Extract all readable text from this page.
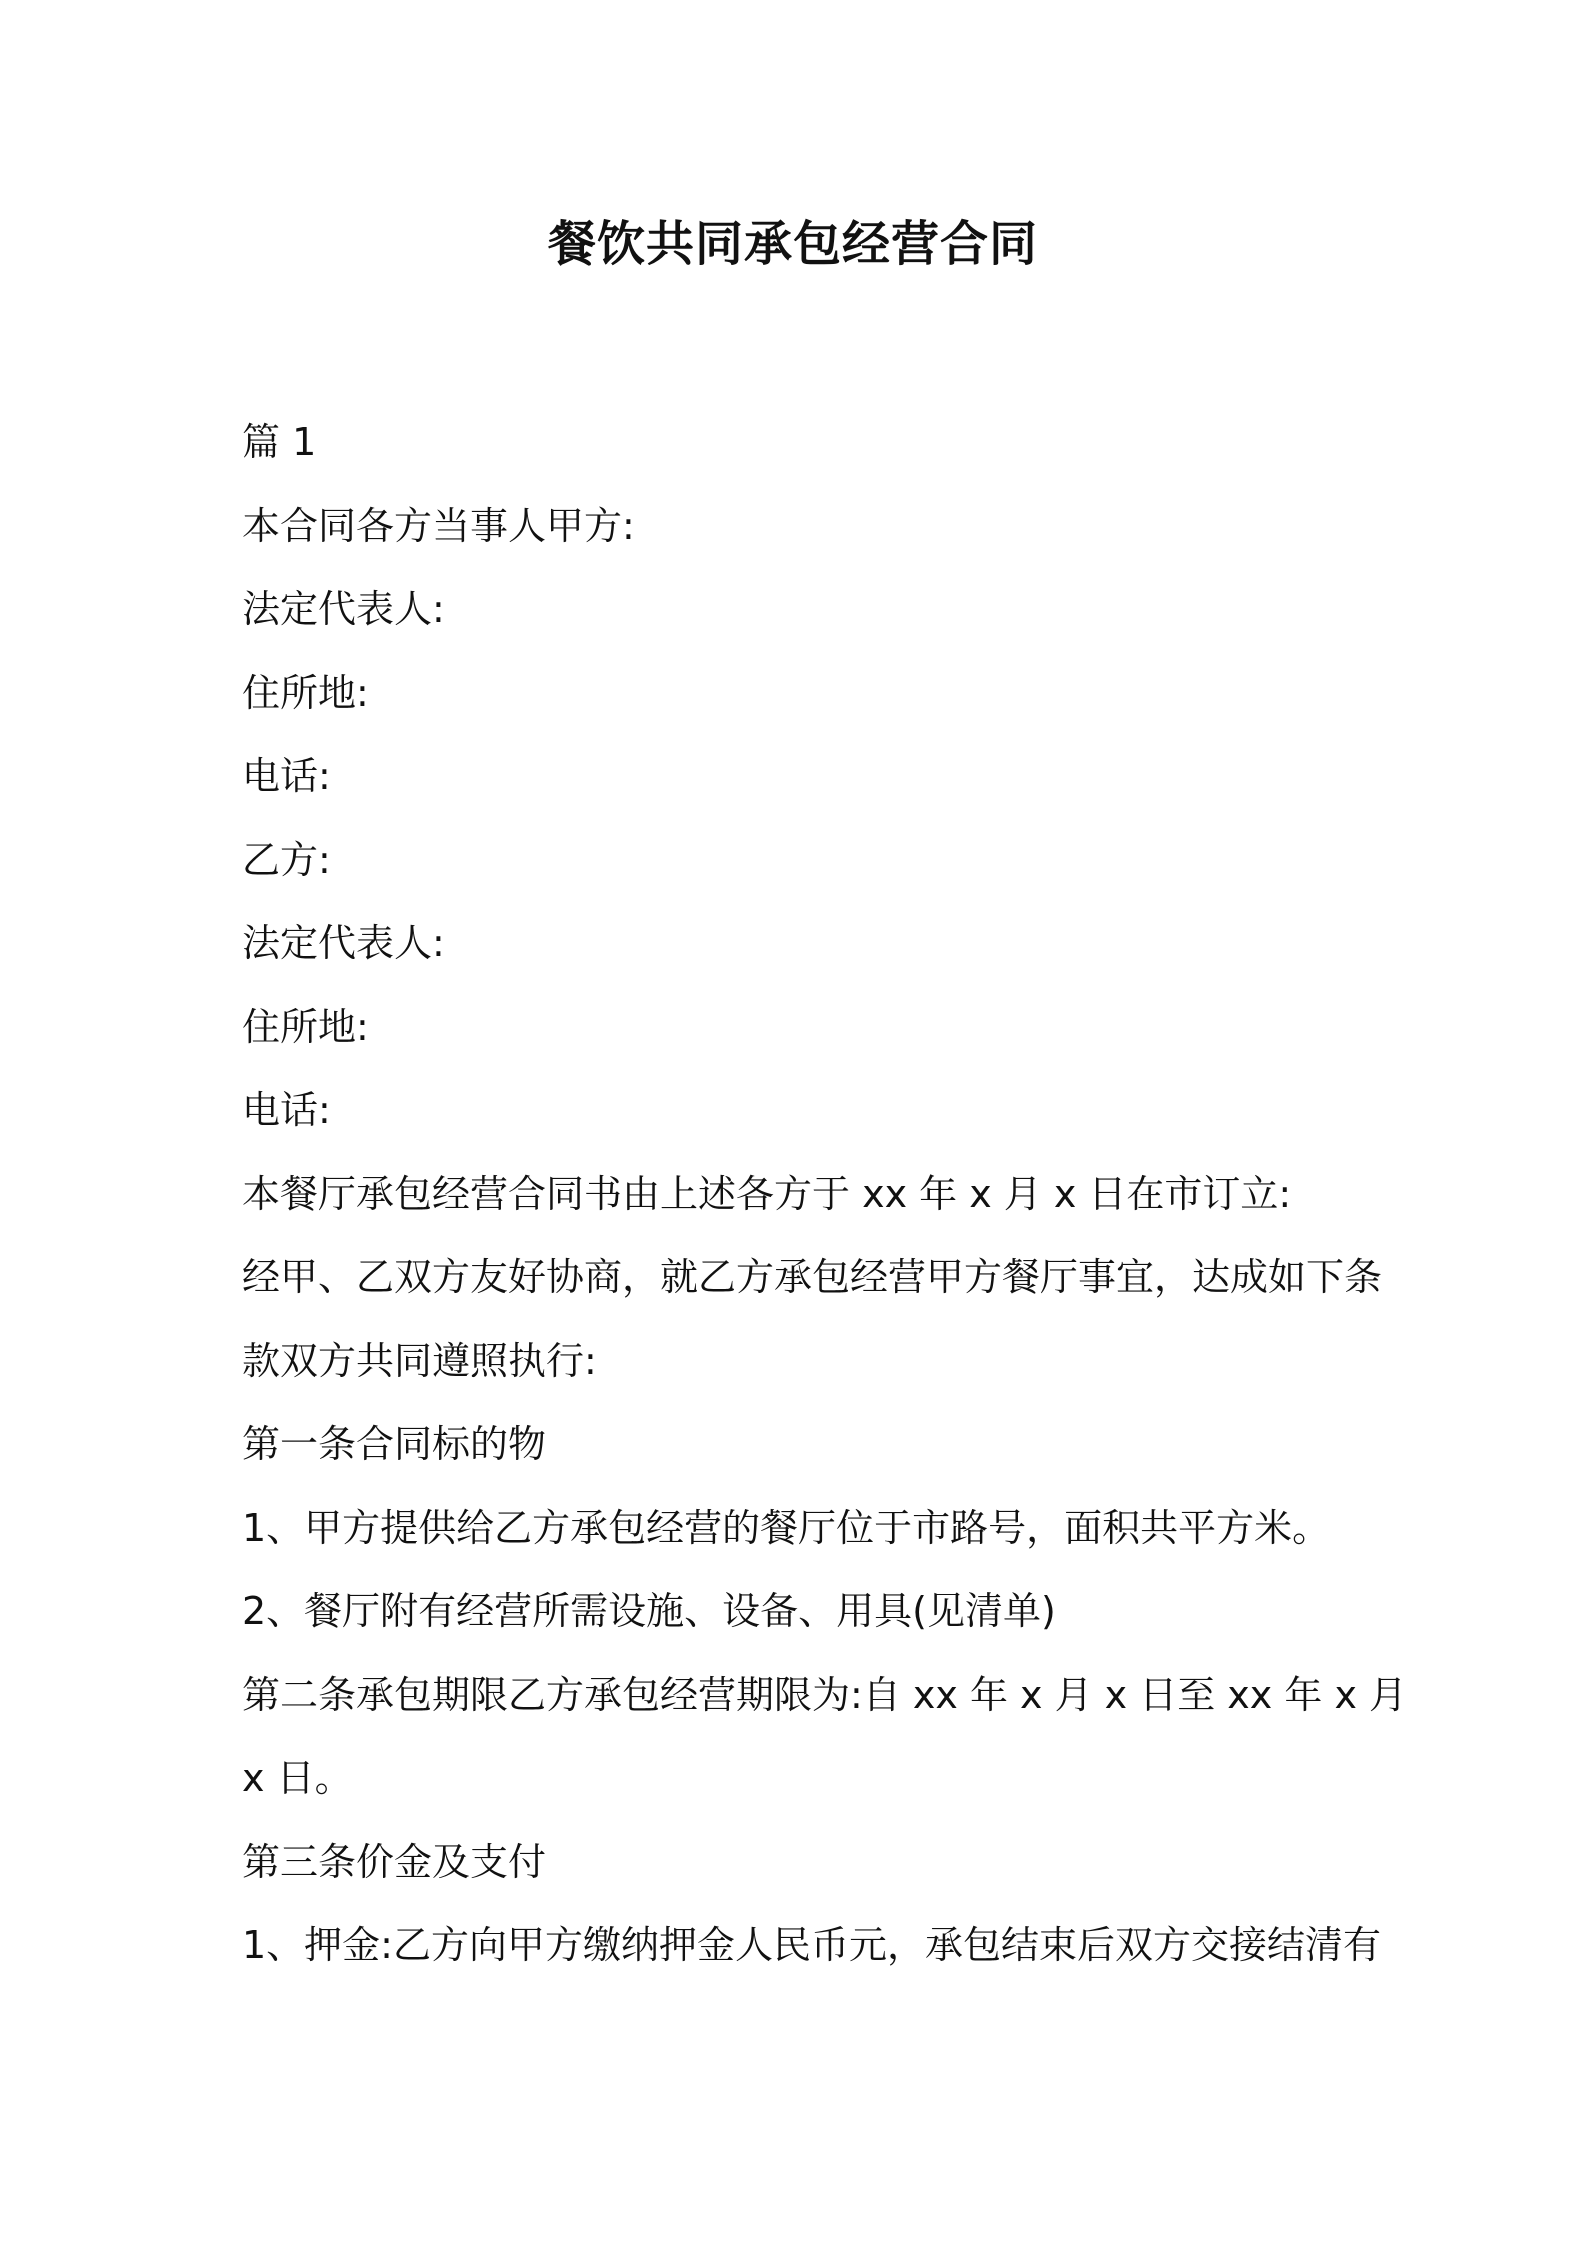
餐饮共同承包经营合同
篇 1
本合同各方当事人甲方:
法定代表人:
住所地:
电话:
乙方:
法定代表人:
住所地:
电话:
本餐厅承包经营合同书由上述各方于 xx 年 x 月 x 日在市订立:
经甲、乙双方友好协商，就乙方承包经营甲方餐厅事宜，达成如下条
款双方共同遵照执行:
第一条合同标的物
1、甲方提供给乙方承包经营的餐厅位于市路号，面积共平方米。
2、餐厅附有经营所需设施、设备、用具(见清单)
第二条承包期限乙方承包经营期限为:自 xx 年 x 月 x 日至 xx 年 x 月
x 日。
第三条价金及支付
1、押金:乙方向甲方缴纳押金人民币元，承包结束后双方交接结清有
